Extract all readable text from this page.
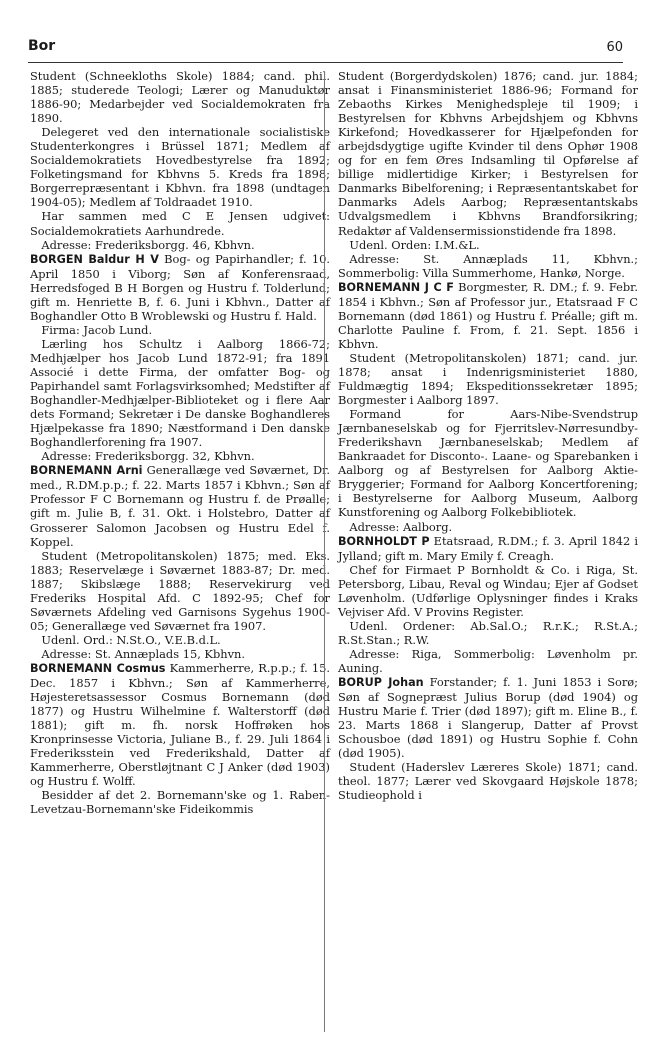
Bor	60

Student (Schneekloths Skole) 1884; cand. phil. 1885; studerede Teologi; Lærer og Manuduktør 1886-90; Medarbejder ved Socialdemokraten fra 1890.

Delegeret ved den internationale socialistiske Studenterkongres i Brüssel 1871; Medlem af Socialdemokratiets Hovedbestyrelse fra 1892; Folketingsmand for Kbhvns 5. Kreds fra 1898; Borgerrepræsentant i Kbhvn. fra 1898 (undtagen 1904-05); Medlem af Toldraadet 1910.

Har sammen med C E Jensen udgivet: Socialdemokratiets Aarhundrede.

Adresse: Frederiksborgg. 46, Kbhvn.

BORGEN Baldur H V Bog- og Papirhandler; f. 10. April 1850 i Viborg; Søn af Konferensraad, Herredsfoged B H Borgen og Hustru f. Tolderlund; gift m. Henriette B, f. 6. Juni i Kbhvn., Datter af Boghandler Otto B Wroblewski og Hustru f. Hald.

Firma: Jacob Lund.

Lærling hos Schultz i Aalborg 1866-72; Medhjælper hos Jacob Lund 1872-91; fra 1891 Associé i dette Firma, der omfatter Bog- og Papirhandel samt Forlagsvirksomhed; Medstifter af Boghandler-Medhjælper-Biblioteket og i flere Aar dets Formand; Sekretær i De danske Boghandleres Hjælpekasse fra 1890; Næstformand i Den danske Boghandlerforening fra 1907.

Adresse: Frederiksborgg. 32, Kbhvn.

BORNEMANN Arni Generallæge ved Søværnet, Dr. med., R.DM.p.p.; f. 22. Marts 1857 i Kbhvn.; Søn af Professor F C Bornemann og Hustru f. de Prøalle; gift m. Julie B, f. 31. Okt. i Holstebro, Datter af Grosserer Salomon Jacobsen og Hustru Edel f. Koppel.

Student (Metropolitanskolen) 1875; med. Eks. 1883; Reservelæge i Søværnet 1883-87; Dr. med. 1887; Skibslæge 1888; Reservekirurg ved Frederiks Hospital Afd. C 1892-95; Chef for Søværnets Afdeling ved Garnisons Sygehus 1900-05; Generallæge ved Søværnet fra 1907.

Udenl. Ord.: N.St.O., V.E.B.d.L.

Adresse: St. Annæplads 15, Kbhvn.

BORNEMANN Cosmus Kammerherre, R.p.p.; f. 15. Dec. 1857 i Kbhvn.; Søn af Kammerherre, Højesteretsassessor Cosmus Bornemann (død 1877) og Hustru Wilhelmine f. Walterstorff (død 1881); gift m. fh. norsk Hoffrøken hos Kronprinsesse Victoria, Juliane B., f. 29. Juli 1864 i Frederiksstein ved Frederikshald, Datter af Kammerherre, Oberstløjtnant C J Anker (død 1903) og Hustru f. Wolff.

Besidder af det 2. Bornemann'ske og 1. Raben-Levetzau-Bornemann'ske Fideikommis

Student (Borgerdydskolen) 1876; cand. jur. 1884; ansat i Finansministeriet 1886-96; Formand for Zebaoths Kirkes Menighedspleje til 1909; i Bestyrelsen for Kbhvns Arbejdshjem og Kbhvns Kirkefond; Hovedkasserer for Hjælpefonden for arbejdsdygtige ugifte Kvinder til dens Ophør 1908 og for en fem Øres Indsamling til Opførelse af billige midlertidige Kirker; i Bestyrelsen for Danmarks Bibelforening; i Repræsentantskabet for Danmarks Adels Aarbog; Repræsentantskabs Udvalgsmedlem i Kbhvns Brandforsikring; Redaktør af Valdensermissionstidende fra 1898.

Udenl. Orden: I.M.&L.

Adresse: St. Annæplads 11, Kbhvn.; Sommerbolig: Villa Summerhome, Hankø, Norge.

BORNEMANN J C F Borgmester, R. DM.; f. 9. Febr. 1854 i Kbhvn.; Søn af Professor jur., Etatsraad F C Bornemann (død 1861) og Hustru f. Préalle; gift m. Charlotte Pauline f. From, f. 21. Sept. 1856 i Kbhvn.

Student (Metropolitanskolen) 1871; cand. jur. 1878; ansat i Indenrigsministeriet 1880, Fuldmægtig 1894; Ekspeditionssekretær 1895; Borgmester i Aalborg 1897.

Formand for Aars-Nibe-Svendstrup Jærnbaneselskab og for Fjerritslev-Nørresundby-Frederikshavn Jærnbaneselskab; Medlem af Bankraadet for Disconto-. Laane- og Sparebanken i Aalborg og af Bestyrelsen for Aalborg Aktie-Bryggerier; Formand for Aalborg Koncertforening; i Bestyrelserne for Aalborg Museum, Aalborg Kunstforening og Aalborg Folkebibliotek.

Adresse: Aalborg.

BORNHOLDT P Etatsraad, R.DM.; f. 3. April 1842 i Jylland; gift m. Mary Emily f. Creagh.

Chef for Firmaet P Bornholdt & Co. i Riga, St. Petersborg, Libau, Reval og Windau; Ejer af Godset Løvenholm. (Udførlige Oplysninger findes i Kraks Vejviser Afd. V Provins Register.

Udenl. Ordener: Ab.Sal.O.; R.r.K.; R.St.A.; R.St.Stan.; R.W.

Adresse: Riga, Sommerbolig: Løvenholm pr. Auning.

BORUP Johan Forstander; f. 1. Juni 1853 i Sorø; Søn af Sognepræst Julius Borup (død 1904) og Hustru Marie f. Trier (død 1897); gift m. Eline B., f. 23. Marts 1868 i Slangerup, Datter af Provst Schousboe (død 1891) og Hustru Sophie f. Cohn (død 1905).

Student (Haderslev Læreres Skole) 1871; cand. theol. 1877; Lærer ved Skovgaard Højskole 1878; Studieophold i
